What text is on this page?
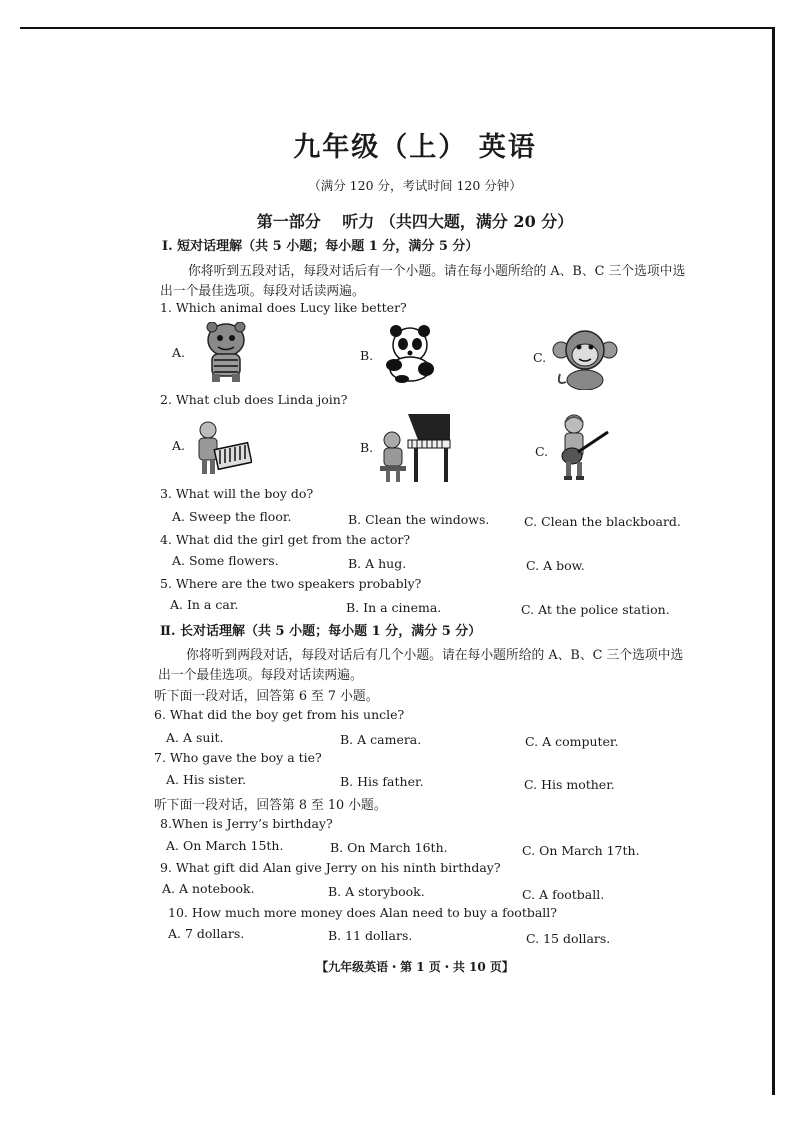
九年级（上） 英语
（满分 120 分，考试时间 120 分钟）
第一部分　 听力 （共四大题，满分 20 分）
Ⅰ. 短对话理解（共 5 小题；每小题 1 分，满分 5 分）
你将听到五段对话，每段对话后有一个小题。请在每小题所给的 A、B、C 三个选项中选
出一个最佳选项。每段对话读两遍。
1. Which animal does Lucy like better?
A.	B.	C.
2. What club does Linda join?
A.	B.	C.
3. What will the boy do?
A. Sweep the floor.	B. Clean the windows.	C. Clean the blackboard.
4. What did the girl get from the actor?
A. Some flowers.	B. A hug.	C. A bow.
5. Where are the two speakers probably?
A. In a car.	B. In a cinema.	C. At the police station.
Ⅱ. 长对话理解（共 5 小题；每小题 1 分，满分 5 分）
你将听到两段对话，每段对话后有几个小题。请在每小题所给的 A、B、C 三个选项中选
出一个最佳选项。每段对话读两遍。
听下面一段对话，回答第 6 至 7 小题。
6. What did the boy get from his uncle?
A. A suit.	B. A camera.	C. A computer.
7. Who gave the boy a tie?
A. His sister.	B. His father.	C. His mother.
听下面一段对话，回答第 8 至 10 小题。
8.When is Jerry’s birthday?
A. On March 15th.	B. On March 16th.	C. On March 17th.
9. What gift did Alan give Jerry on his ninth birthday?
A. A notebook.	B. A storybook.	C. A football.
10. How much more money does Alan need to buy a football?
A. 7 dollars.	B. 11 dollars.	C. 15 dollars.
【九年级英语・第 1 页・共 10 页】
